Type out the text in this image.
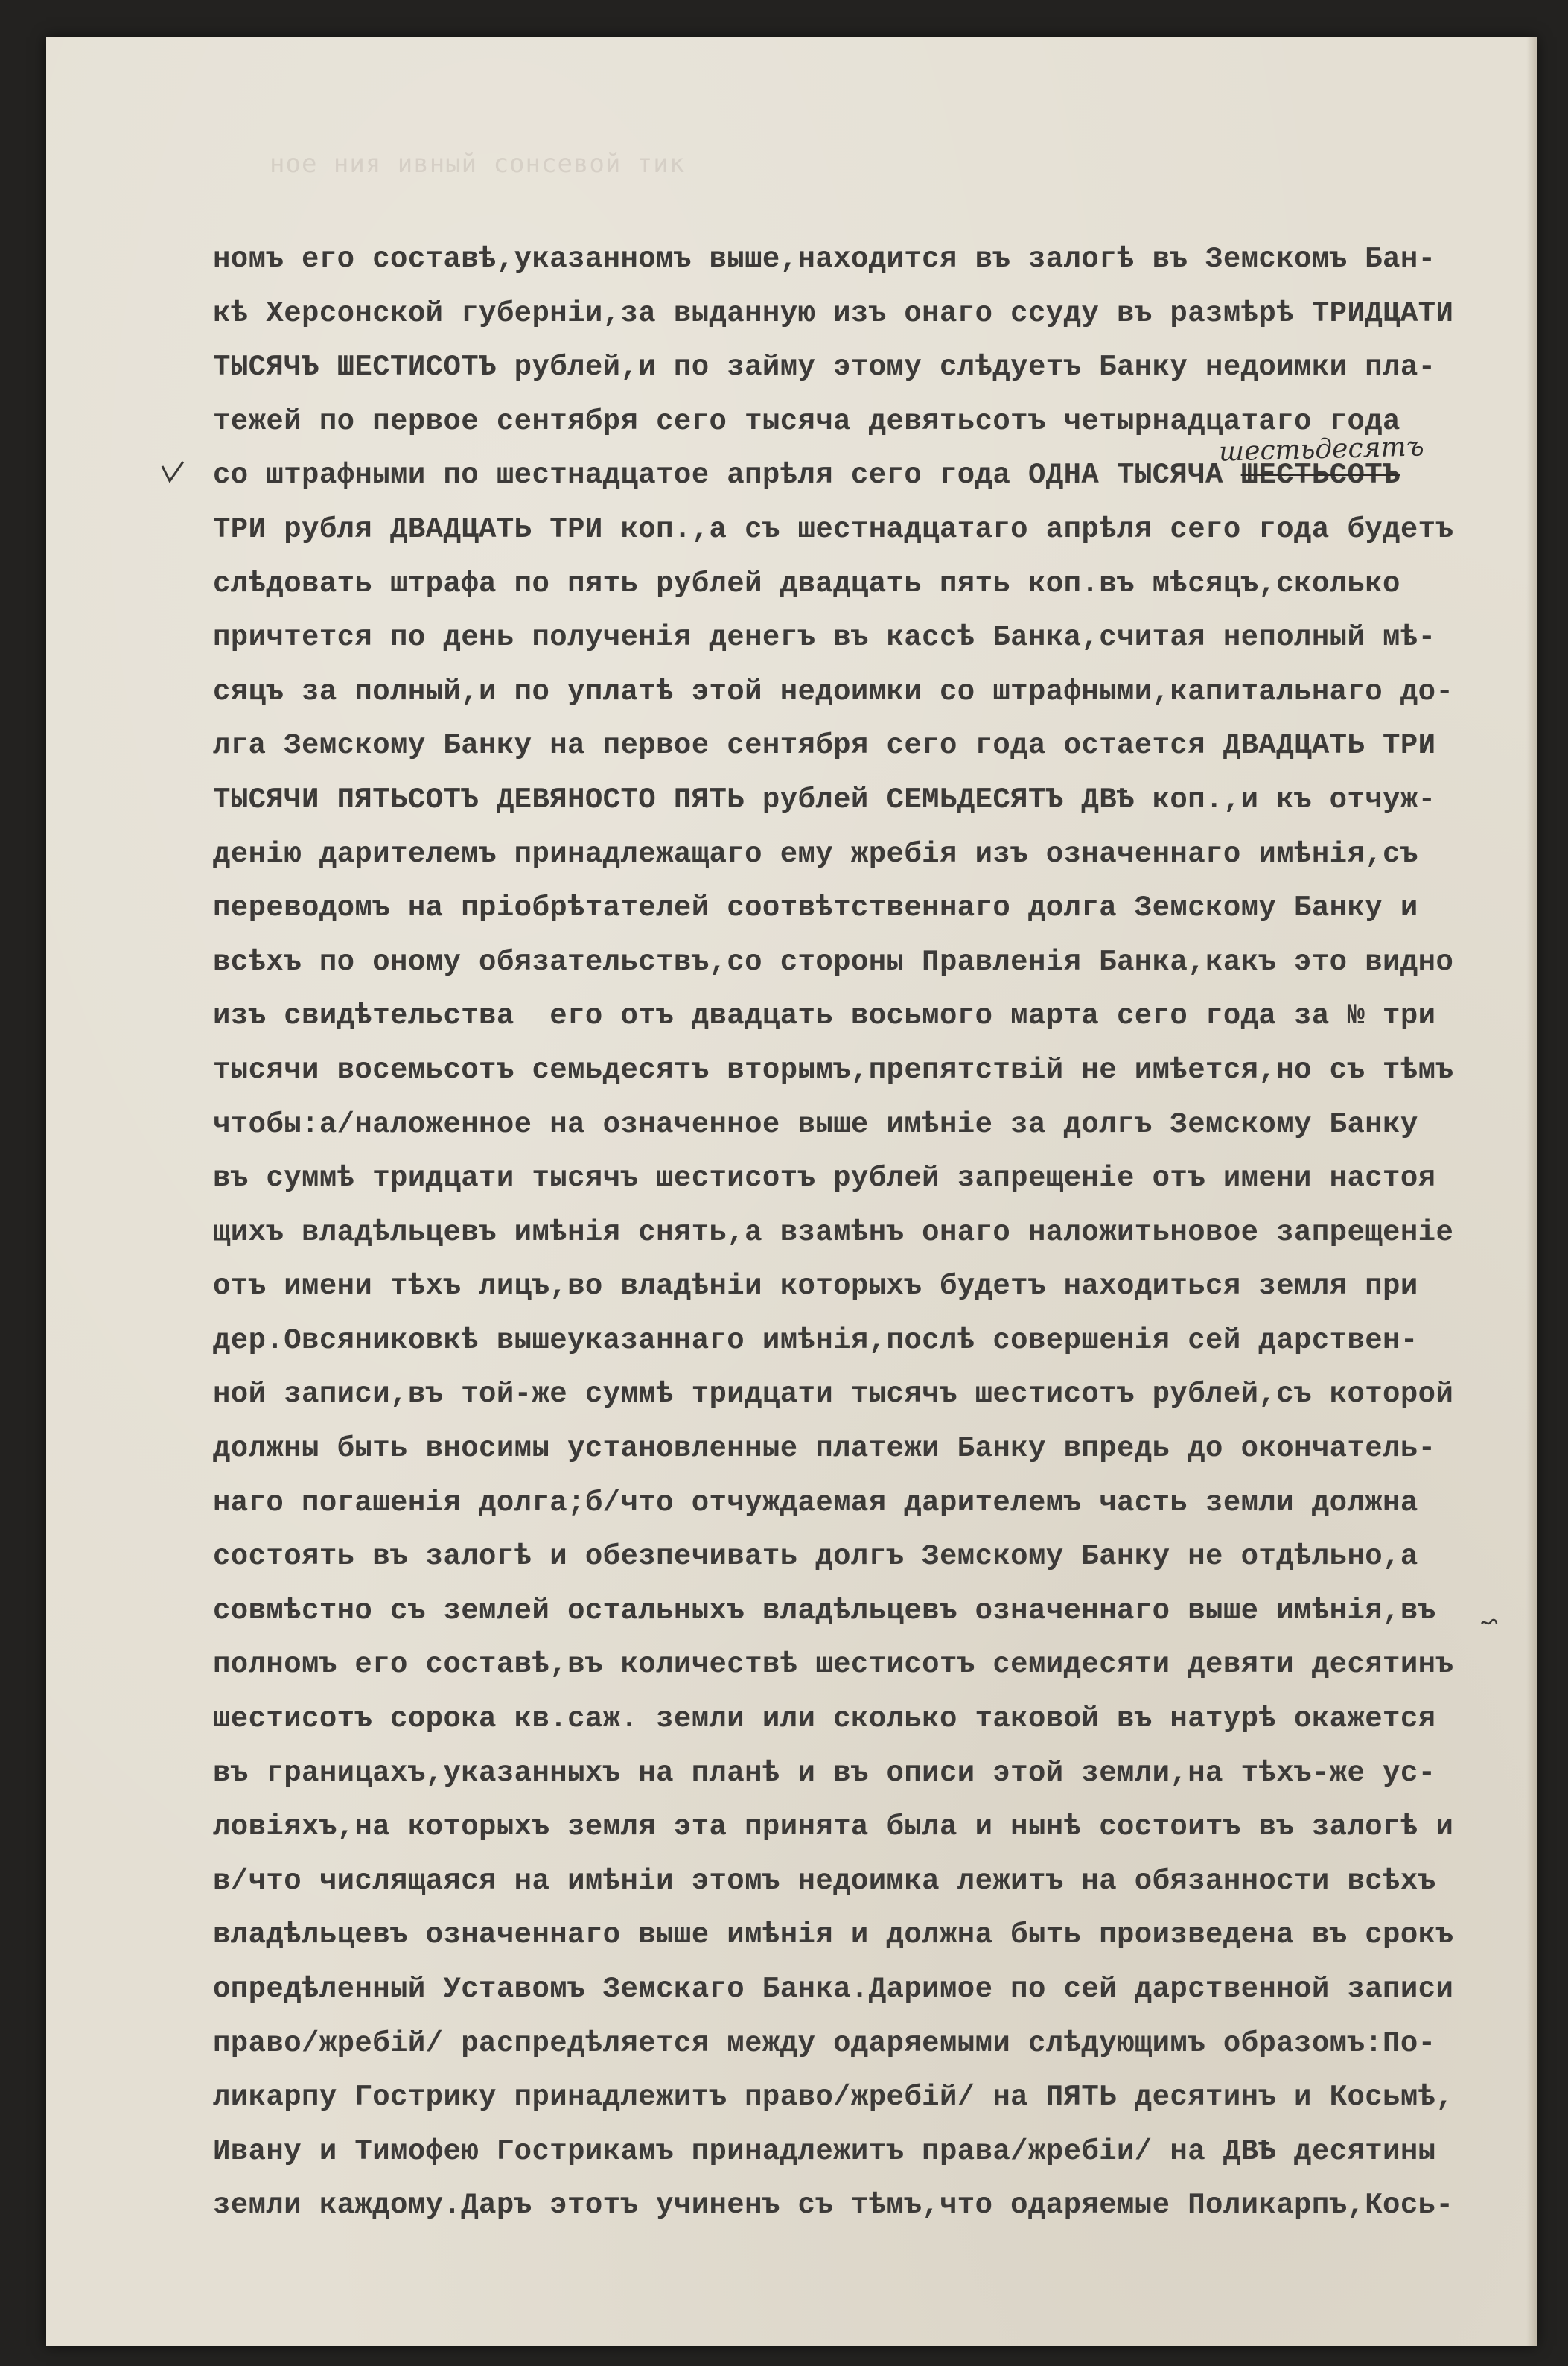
ное ния ивный сонсевой тик
шестьдесятъ
номъ его составѣ,указанномъ выше,находится въ залогѣ въ Земскомъ Бан-
кѣ Херсонской губерніи,за выданную изъ онаго ссуду въ размѣрѣ ТРИДЦАТИ
ТЫСЯЧЪ ШЕСТИСОТЪ рублей,и по займу этому слѣдуетъ Банку недоимки пла-
тежей по первое сентября сего тысяча девятьсотъ четырнадцатаго года
со штрафными по шестнадцатое апрѣля сего года ОДНА ТЫСЯЧА ШЕСТЬСОТЪ
ТРИ рубля ДВАДЦАТЬ ТРИ коп.,а съ шестнадцатаго апрѣля сего года будетъ
слѣдовать штрафа по пять рублей двадцать пять коп.въ мѣсяцъ,сколько
причтется по день полученія денегъ въ кассѣ Банка,считая неполный мѣ-
сяцъ за полный,и по уплатѣ этой недоимки со штрафными,капитальнаго до-
лга Земскому Банку на первое сентября сего года остается ДВАДЦАТЬ ТРИ
ТЫСЯЧИ ПЯТЬСОТЪ ДЕВЯНОСТО ПЯТЬ рублей СЕМЬДЕСЯТЪ ДВѢ коп.,и къ отчуж-
денію дарителемъ принадлежащаго ему жребія изъ означеннаго имѣнія,съ
переводомъ на пріобрѣтателей соотвѣтственнаго долга Земскому Банку и
всѣхъ по оному обязательствъ,со стороны Правленія Банка,какъ это видно
изъ свидѣтельства  его отъ двадцать восьмого марта сего года за № три
тысячи восемьсотъ семьдесятъ вторымъ,препятствій не имѣется,но съ тѣмъ
чтобы:а/наложенное на означенное выше имѣніе за долгъ Земскому Банку
въ суммѣ тридцати тысячъ шестисотъ рублей запрещеніе отъ имени настоя
щихъ владѣльцевъ имѣнія снять,а взамѣнъ онаго наложитьновое запрещеніе
отъ имени тѣхъ лицъ,во владѣніи которыхъ будетъ находиться земля при
дер.Овсяниковкѣ вышеуказаннаго имѣнія,послѣ совершенія сей дарствен-
ной записи,въ той-же суммѣ тридцати тысячъ шестисотъ рублей,съ которой
должны быть вносимы установленные платежи Банку впредь до окончатель-
наго погашенія долга;б/что отчуждаемая дарителемъ часть земли должна
состоять въ залогѣ и обезпечивать долгъ Земскому Банку не отдѣльно,а
совмѣстно съ землей остальныхъ владѣльцевъ означеннаго выше имѣнія,въ
полномъ его составѣ,въ количествѣ шестисотъ семидесяти девяти десятинъ
шестисотъ сорока кв.саж. земли или сколько таковой въ натурѣ окажется
въ границахъ,указанныхъ на планѣ и въ описи этой земли,на тѣхъ-же ус-
ловіяхъ,на которыхъ земля эта принята была и нынѣ состоитъ въ залогѣ и
в/что числящаяся на имѣніи этомъ недоимка лежитъ на обязанности всѣхъ
владѣльцевъ означеннаго выше имѣнія и должна быть произведена въ срокъ
опредѣленный Уставомъ Земскаго Банка.Даримое по сей дарственной записи
право/жребій/ распредѣляется между одаряемыми слѣдующимъ образомъ:По-
ликарпу Гострику принадлежитъ право/жребій/ на ПЯТЬ десятинъ и Косьмѣ,
Ивану и Тимофею Гострикамъ принадлежитъ права/жребіи/ на ДВѢ десятины
земли каждому.Даръ этотъ учиненъ съ тѣмъ,что одаряемые Поликарпъ,Кось-
